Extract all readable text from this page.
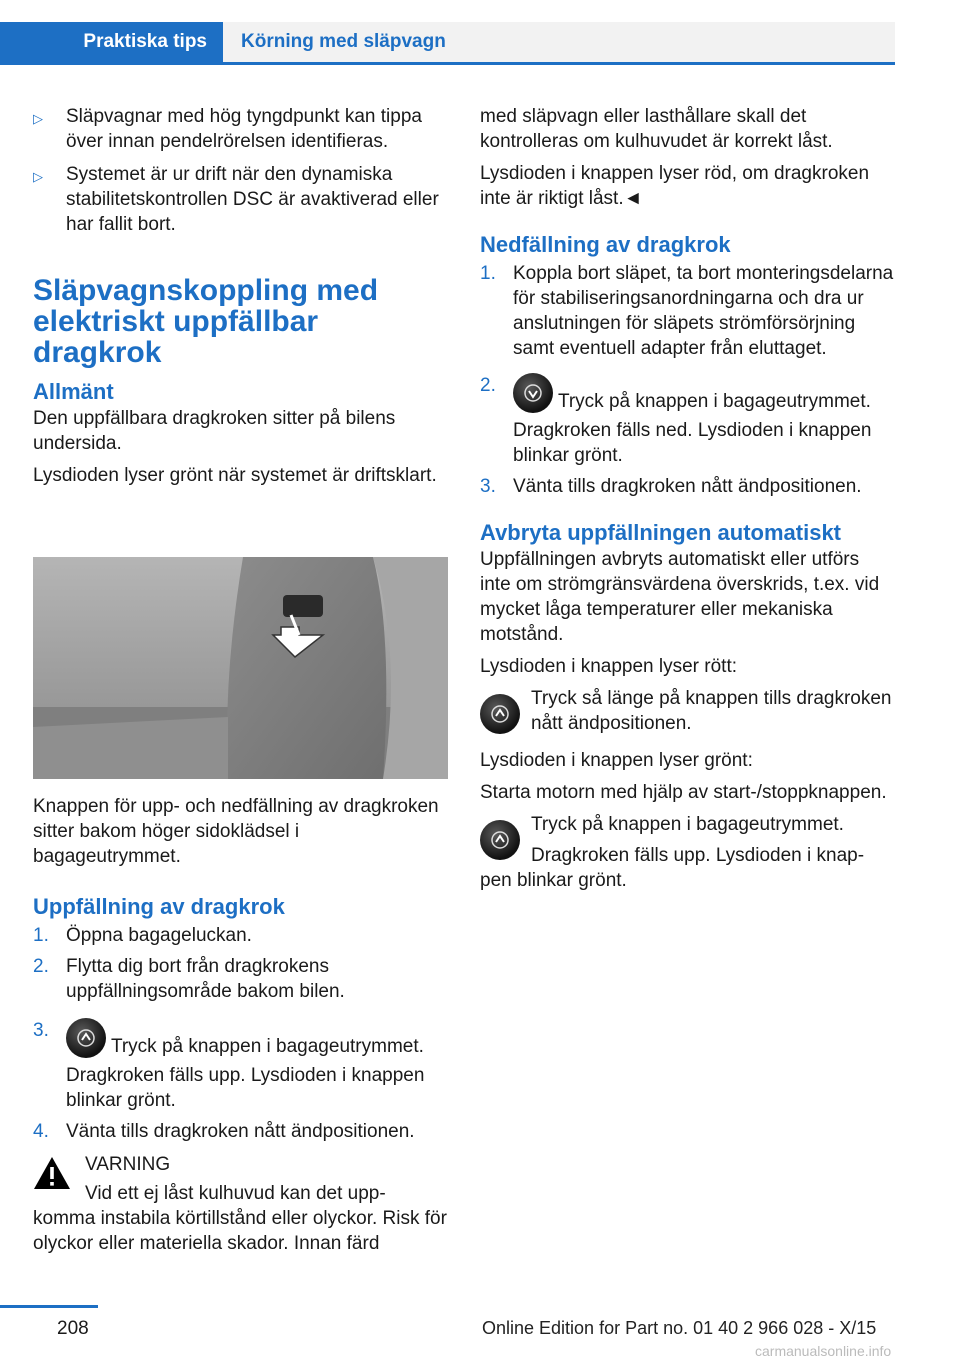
Praktiska tips	Körning med släpvagn
▷ Släpvagnar med hög tyngdpunkt kan tippa över innan pendelrörelsen identifieras.
▷ Systemet är ur drift när den dynamiska stabilitetskontrollen DSC är avaktiverad eller har fallit bort.
Släpvagnskoppling med elektriskt uppfällbar dragkrok
Allmänt

Den uppfällbara dragkroken sitter på bilens undersida.

Lysdioden lyser grönt när systemet är driftsklart.

Knappen för upp- och nedfällning av dragkroken sitter bakom höger sidoklädsel i bagageutrymmet.

Uppfällning av dragkrok
1. Öppna bagageluckan.
2. Flytta dig bort från dragkrokens uppfällningsområde bakom bilen.
3.
Tryck på knappen i bagageutrymmet.
Dragkroken fälls upp. Lysdioden i knappen blinkar grönt.
4. Vänta tills dragkroken nått ändpositionen.
VARNING
Vid ett ej låst kulhuvud kan det upp-
komma instabila körtillstånd eller olyckor. Risk för olyckor eller materiella skador. Innan färd

med släpvagn eller lasthållare skall det kontrolleras om kulhuvudet är korrekt låst.

Lysdioden i knappen lyser röd, om dragkroken inte är riktigt låst.◄

Nedfällning av dragkrok
1. Koppla bort släpet, ta bort monteringsdelarna för stabiliseringsanordningarna och dra ur anslutningen för släpets strömförsörjning samt eventuell adapter från eluttaget.
2.
Tryck på knappen i bagageutrymmet.
Dragkroken fälls ned. Lysdioden i knappen blinkar grönt.
3. Vänta tills dragkroken nått ändpositionen.
Avbryta uppfällningen automatiskt

Uppfällningen avbryts automatiskt eller utförs inte om strömgränsvärdena överskrids, t.ex. vid mycket låga temperaturer eller mekaniska motstånd.

Lysdioden i knappen lyser rött:

Tryck så länge på knappen tills dragkroken nått ändpositionen.

Lysdioden i knappen lyser grönt:

Starta motorn med hjälp av start-/stoppknappen.

Tryck på knappen i bagageutrymmet.
Dragkroken fälls upp. Lysdioden i knap-
pen blinkar grönt.
208	Online Edition for Part no. 01 40 2 966 028 - X/15
carmanualsonline.info
